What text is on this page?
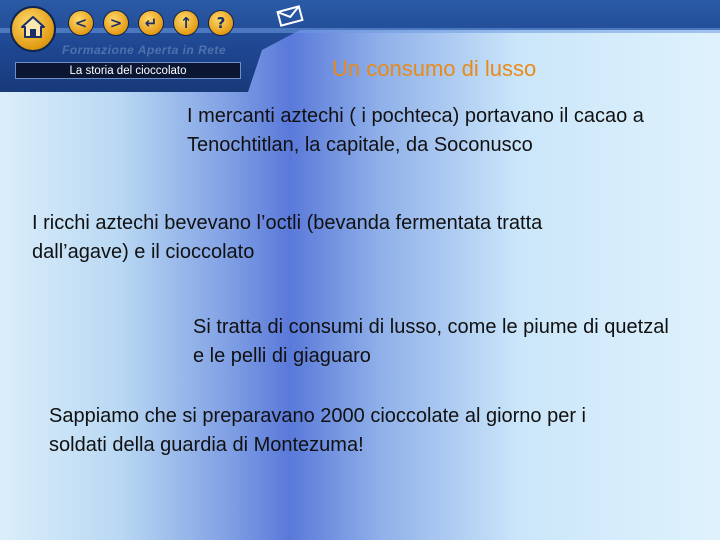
< > ↵ ↑ ?
Formazione Aperta in Rete
La storia del cioccolato	Un consumo di lusso
I mercanti aztechi ( i pochteca) portavano il cacao a Tenochtitlan, la capitale, da Soconusco
I ricchi aztechi bevevano l’octli (bevanda fermentata tratta dall’agave) e il cioccolato
Si tratta di consumi di lusso, come le piume di quetzal e le pelli di giaguaro
Sappiamo che si preparavano 2000 cioccolate al giorno per i soldati della guardia di Montezuma!
